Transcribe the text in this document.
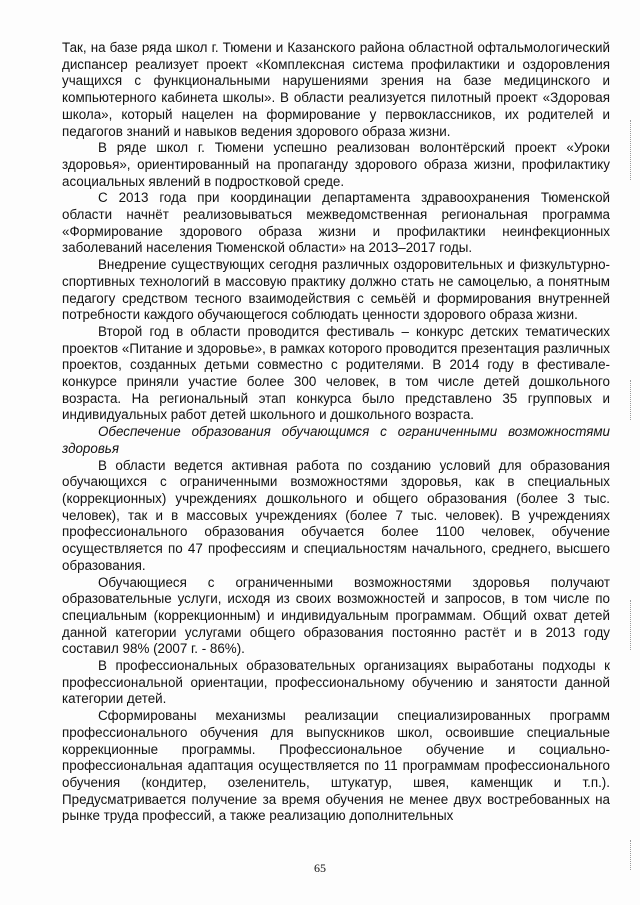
Так, на базе ряда школ г. Тюмени и Казанского района областной офтальмологический диспансер реализует проект «Комплексная система профилактики и оздоровления учащихся с функциональными нарушениями зрения на базе медицинского и компьютерного кабинета школы». В области реализуется пилотный проект «Здоровая школа», который нацелен на формирование у первоклассников, их родителей и педагогов знаний и навыков ведения здорового образа жизни.

В ряде школ г. Тюмени успешно реализован волонтёрский проект «Уроки здоровья», ориентированный на пропаганду здорового образа жизни, профилактику асоциальных явлений в подростковой среде.

С 2013 года при координации департамента здравоохранения Тюменской области начнёт реализовываться межведомственная региональная программа «Формирование здорового образа жизни и профилактики неинфекционных заболеваний населения Тюменской области» на 2013–2017 годы.

Внедрение существующих сегодня различных оздоровительных и физкультурно-спортивных технологий в массовую практику должно стать не самоцелью, а понятным педагогу средством тесного взаимодействия с семьёй и формирования внутренней потребности каждого обучающегося соблюдать ценности здорового образа жизни.

Второй год в области проводится фестиваль – конкурс детских тематических проектов «Питание и здоровье», в рамках которого проводится презентация различных проектов, созданных детьми совместно с родителями. В 2014 году в фестивале-конкурсе приняли участие более 300 человек, в том числе детей дошкольного возраста. На региональный этап конкурса было представлено 35 групповых и индивидуальных работ детей школьного и дошкольного возраста.

Обеспечение образования обучающимся с ограниченными возможностями здоровья

В области ведется активная работа по созданию условий для образования обучающихся с ограниченными возможностями здоровья, как в специальных (коррекционных) учреждениях дошкольного и общего образования (более 3 тыс. человек), так и в массовых учреждениях (более 7 тыс. человек). В учреждениях профессионального образования обучается более 1100 человек, обучение осуществляется по 47 профессиям и специальностям начального, среднего, высшего образования.

Обучающиеся с ограниченными возможностями здоровья получают образовательные услуги, исходя из своих возможностей и запросов, в том числе по специальным (коррекционным) и индивидуальным программам. Общий охват детей данной категории услугами общего образования постоянно растёт и в 2013 году составил 98% (2007 г. - 86%).

В профессиональных образовательных организациях выработаны подходы к профессиональной ориентации, профессиональному обучению и занятости данной категории детей.

Сформированы механизмы реализации специализированных программ профессионального обучения для выпускников школ, освоившие специальные коррекционные программы. Профессиональное обучение и социально-профессиональная адаптация осуществляется по 11 программам профессионального обучения (кондитер, озеленитель, штукатур, швея, каменщик и т.п.). Предусматривается получение за время обучения не менее двух востребованных на рынке труда профессий, а также реализацию дополнительных

65
